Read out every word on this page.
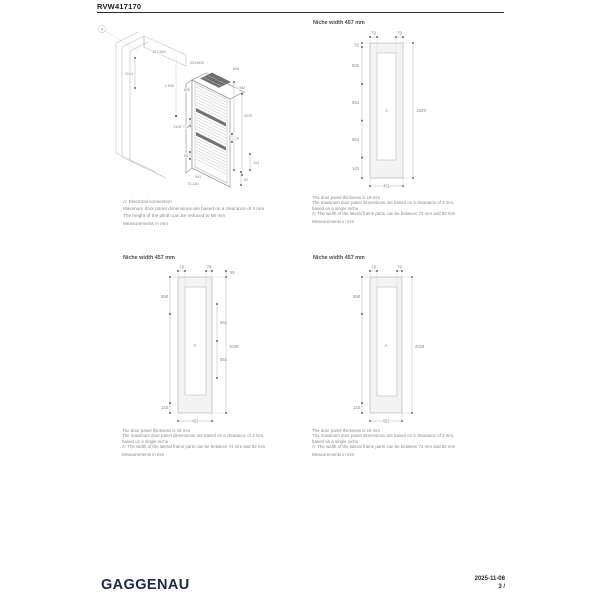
RVW417170
A
457/460
621/605
608
2164
1 640
626	1 982
2029
2102 +10
79
58
243
82
561
73-180
A: Electrical connection
Maximum door panel dimensions are based on a clearance of 3 mm
The height of the plinth can be reduced to 58 mm
Measurements in mm
Niche width 457 mm
79	79
55
558
554
554
143
2029
451
A
The door panel thickness is 19 mm
The maximum door panel dimensions are based on a clearance of 3 mm,
based on a single niche
A: The width of the lateral frame parts can be between 74 mm and 82 mm
Measurements in mm
Niche width 457 mm
79	79
55
558
554
554
143
2029
451
A
The door panel thickness is 19 mm
The maximum door panel dimensions are based on a clearance of 3 mm,
based on a single niche
A: The width of the lateral frame parts can be between 74 mm and 82 mm
Measurements in mm
Niche width 457 mm
79	79
558
143
2029
451
A
The door panel thickness is 19 mm
The maximum door panel dimensions are based on a clearance of 3 mm,
based on a single niche
A: The width of the lateral frame parts can be between 74 mm and 82 mm
Measurements in mm
GAGGENAU	2025-11-08
3 /
